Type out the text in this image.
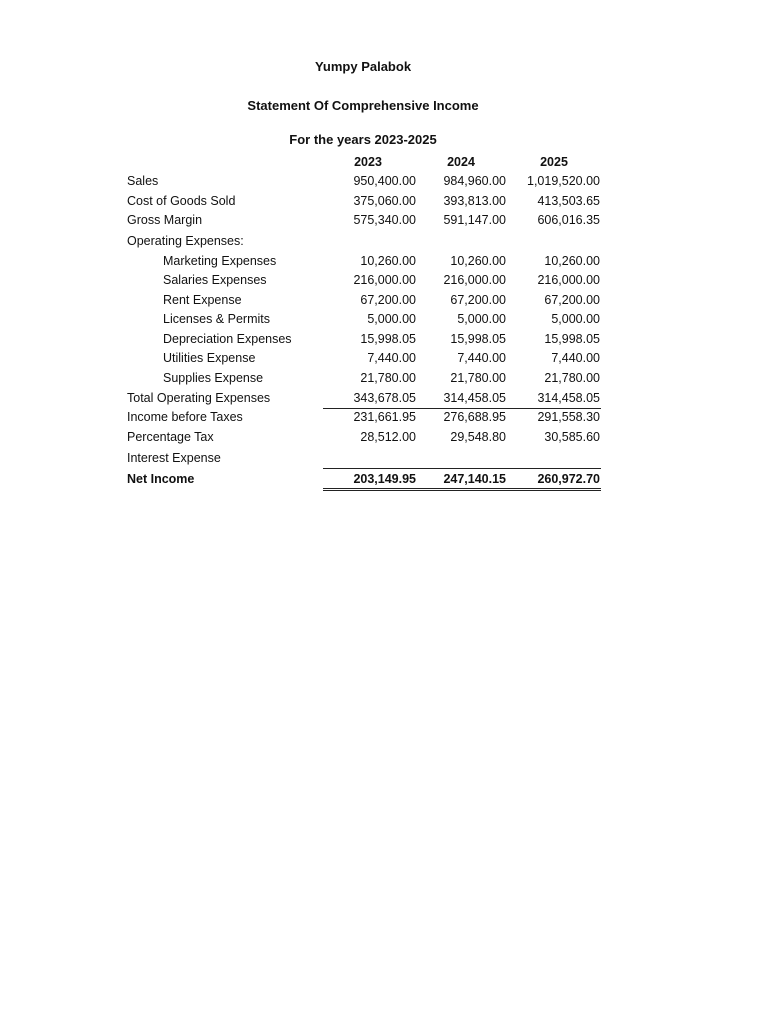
Yumpy Palabok
Statement Of Comprehensive Income
For the years 2023-2025
2023	2024	2025
Sales	950,400.00	984,960.00	1,019,520.00
Cost of Goods Sold	375,060.00	393,813.00	413,503.65
Gross Margin	575,340.00	591,147.00	606,016.35
Operating Expenses:
Marketing Expenses	10,260.00	10,260.00	10,260.00
Salaries Expenses	216,000.00	216,000.00	216,000.00
Rent Expense	67,200.00	67,200.00	67,200.00
Licenses & Permits	5,000.00	5,000.00	5,000.00
Depreciation Expenses	15,998.05	15,998.05	15,998.05
Utilities Expense	7,440.00	7,440.00	7,440.00
Supplies Expense	21,780.00	21,780.00	21,780.00
Total Operating Expenses	343,678.05	314,458.05	314,458.05
Income before Taxes	231,661.95	276,688.95	291,558.30
Percentage Tax	28,512.00	29,548.80	30,585.60
Interest Expense
Net Income	203,149.95	247,140.15	260,972.70
